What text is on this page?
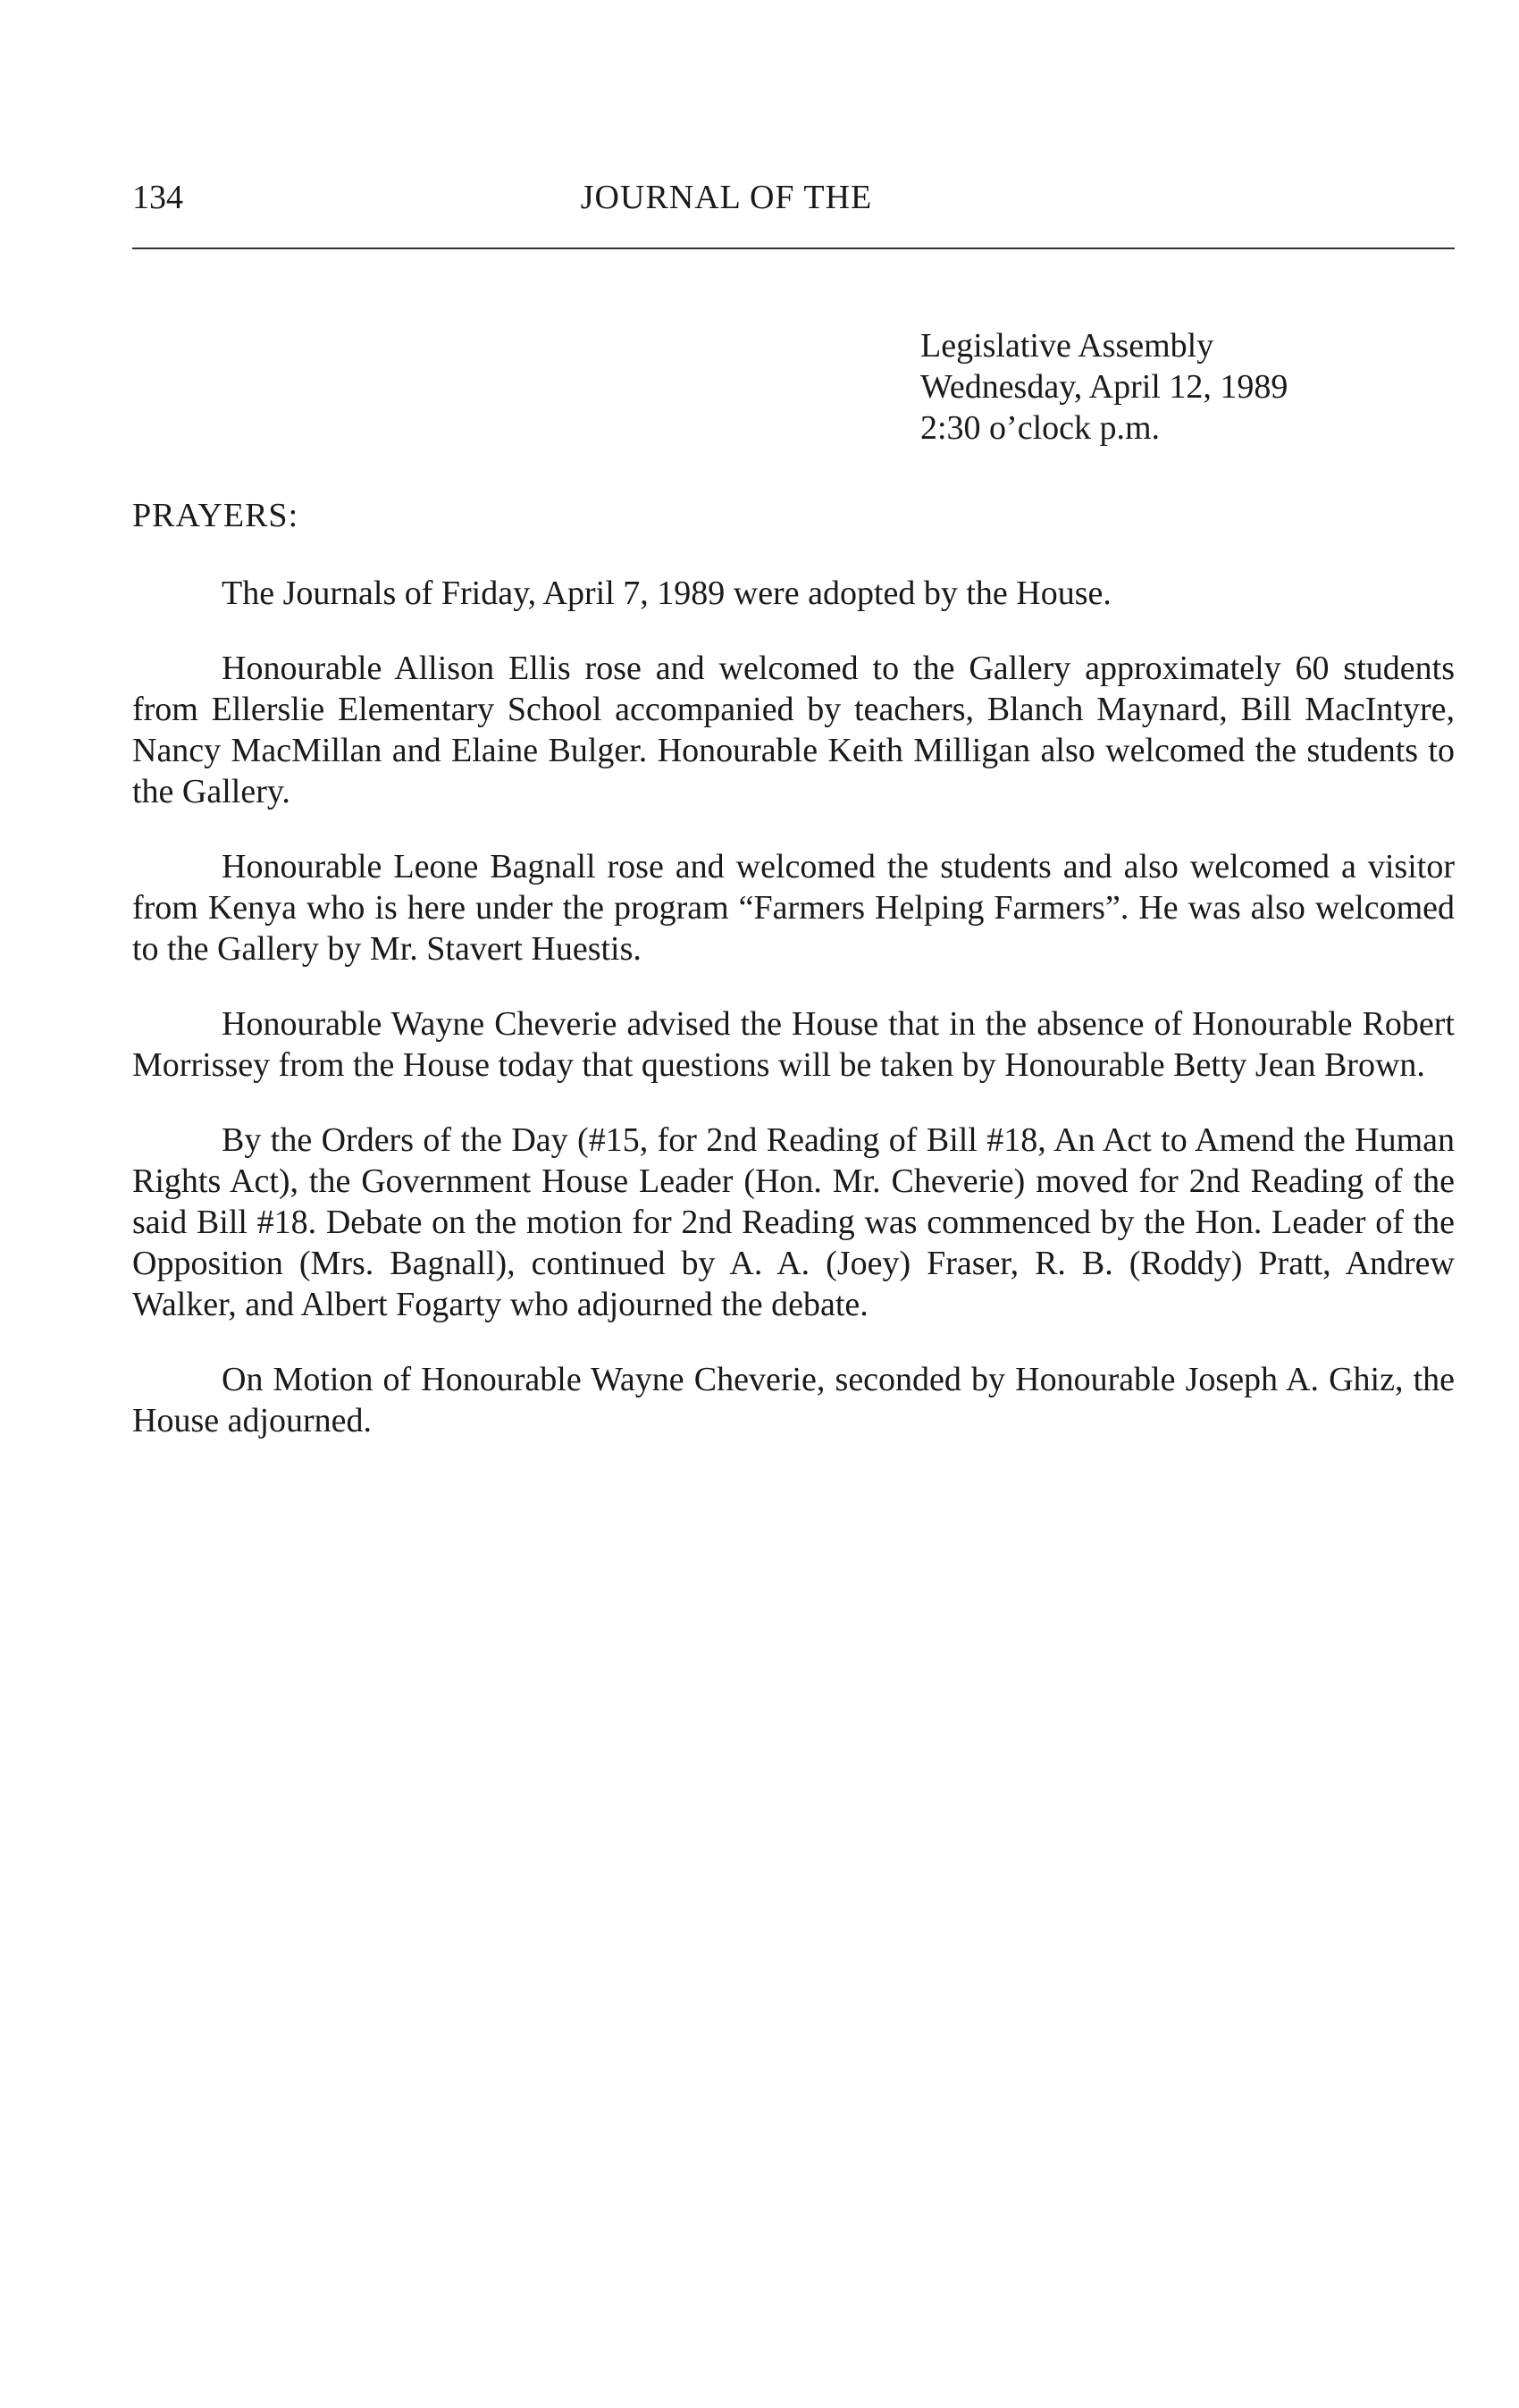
134	JOURNAL OF THE
Legislative Assembly
Wednesday, April 12, 1989
2:30 o’clock p.m.
PRAYERS:

The Journals of Friday, April 7, 1989 were adopted by the House.

Honourable Allison Ellis rose and welcomed to the Gallery approximately 60 students from Ellerslie Elementary School accompanied by teachers, Blanch Maynard, Bill MacIntyre, Nancy MacMillan and Elaine Bulger. Honourable Keith Milligan also welcomed the students to the Gallery.

Honourable Leone Bagnall rose and welcomed the students and also welcomed a visitor from Kenya who is here under the program “Farmers Helping Farmers”. He was also welcomed to the Gallery by Mr. Stavert Huestis.

Honourable Wayne Cheverie advised the House that in the absence of Honourable Robert Morrissey from the House today that questions will be taken by Honourable Betty Jean Brown.

By the Orders of the Day (#15, for 2nd Reading of Bill #18, An Act to Amend the Human Rights Act), the Government House Leader (Hon. Mr. Cheverie) moved for 2nd Reading of the said Bill #18. Debate on the motion for 2nd Reading was commenced by the Hon. Leader of the Opposition (Mrs. Bagnall), continued by A. A. (Joey) Fraser, R. B. (Roddy) Pratt, Andrew Walker, and Albert Fogarty who adjourned the debate.

On Motion of Honourable Wayne Cheverie, seconded by Honourable Joseph A. Ghiz, the House adjourned.
